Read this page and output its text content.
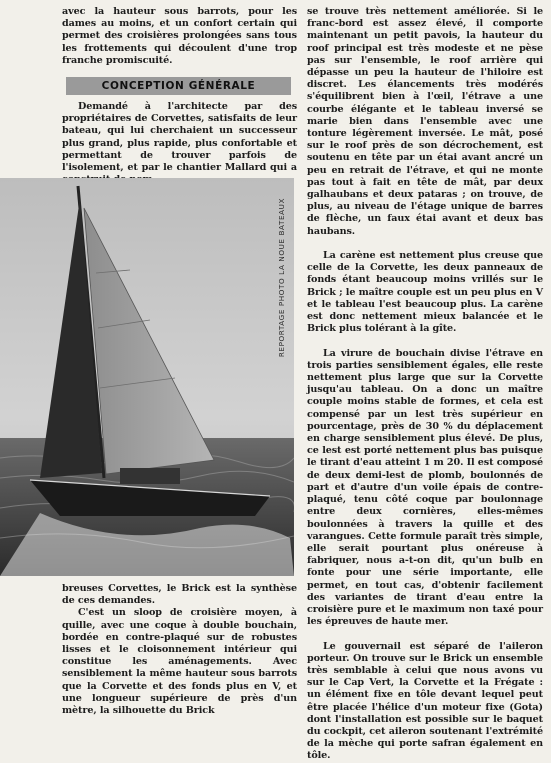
avec la hauteur sous barrots, pour les dames au moins, et un confort certain qui permet des croisières prolongées sans tous les frottements qui découlent d'une trop franche promiscuité.

CONCEPTION GÉNÉRALE

Demandé à l'architecte par des propriétaires de Corvettes, satisfaits de leur bateau, qui lui cherchaient un successeur plus grand, plus rapide, plus confortable et permettant de trouver parfois de l'isolement, et par le chantier Mallard qui a

REPORTAGE PHOTO LA NOUE BATEAUX

breuses Corvettes, le Brick est la synthèse de ces demandes.

C'est un sloop de croisière moyen, à quille, avec une coque à double bouchain, bordée en contre-plaqué sur de robustes lisses et le cloisonnement intérieur qui constitue les aménagements. Avec sensiblement la même hauteur sous barrots que la Corvette et des fonds plus en V, et une longueur supérieure de près d'un mètre, la silhouette du Brick

se trouve très nettement améliorée. Si le franc-bord est assez élevé, il comporte maintenant un petit pavois, la hauteur du roof principal est très modeste et ne pèse pas sur l'ensemble, le roof arrière qui dépasse un peu la hauteur de l'hiloire est discret. Les élancements très modérés s'équilibrent bien à l'œil, l'étrave a une courbe élégante et le tableau inversé se marie bien dans l'ensemble avec une tonture légèrement inversée. Le mât, posé sur le roof près de son décrochement, est soutenu en tête par un étai avant ancré un peu en retrait de l'étrave, et qui ne monte pas tout à fait en tête de mât, par deux galhaubans et deux pataras ; on trouve, de plus, au niveau de l'étage unique de barres de flèche, un faux étai avant et deux bas haubans.

La carène est nettement plus creuse que celle de la Corvette, les deux panneaux de fonds étant beaucoup moins vrillés sur le Brick ; le maître couple est un peu plus en V et le tableau l'est beaucoup plus. La carène est donc nettement mieux balancée et le Brick plus tolérant à la gîte.

La virure de bouchain divise l'étrave en trois parties sensiblement égales, elle reste nettement plus large que sur la Corvette jusqu'au tableau. On a donc un maître couple moins stable de formes, et cela est compensé par un lest très supérieur en pourcentage, près de 30 % du déplacement en charge sensiblement plus élevé. De plus, ce lest est porté nettement plus bas puisque le tirant d'eau atteint 1 m 20. Il est composé de deux demi-lest de plomb, boulonnés de part et d'autre d'un voile épais de contre-plaqué, tenu côté coque par boulonnage entre deux cornières, elles-mêmes boulonnées à travers la quille et des varangues. Cette formule paraît très simple, elle serait pourtant plus onéreuse à fabriquer, nous a-t-on dit, qu'un bulb en fonte pour une série importante, elle permet, en tout cas, d'obtenir facilement des variantes de tirant d'eau entre la croisière pure et le maximum non taxé pour les épreuves de haute mer.

Le gouvernail est séparé de l'aileron porteur. On trouve sur le Brick un ensemble très semblable à celui que nous avons vu sur le Cap Vert, la Corvette et la Frégate : un élément fixe en tôle devant lequel peut être placée l'hélice d'un moteur fixe (Gota) dont l'installation est possible sur le baquet du cockpit, cet aileron soutenant l'extrémité de la mèche qui porte safran également en tôle.
